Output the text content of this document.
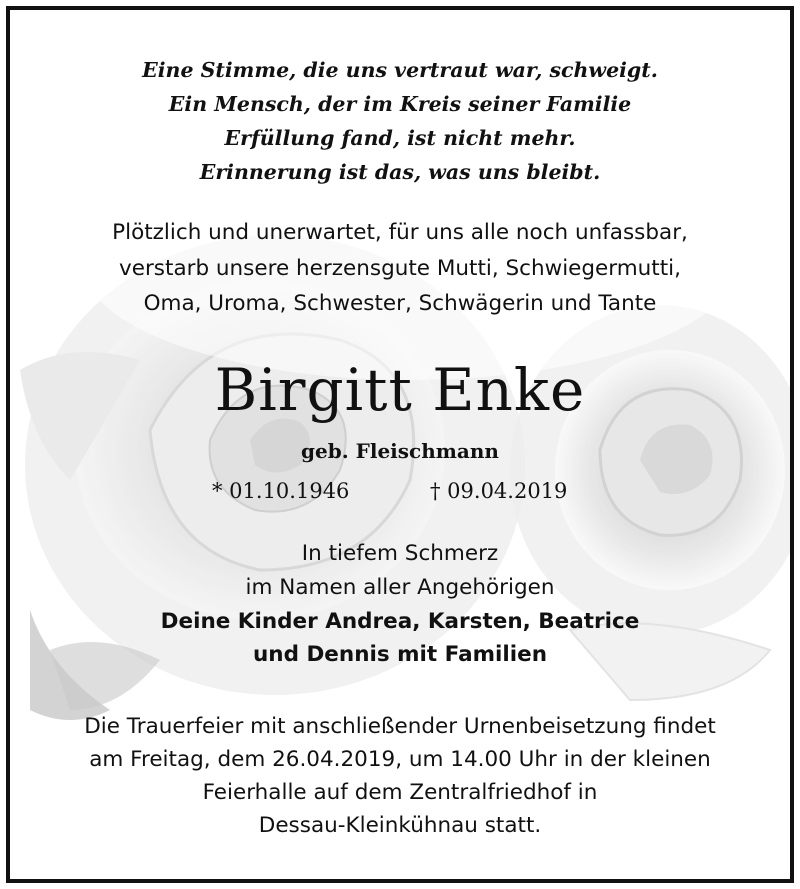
Eine Stimme, die uns vertraut war, schweigt.
Ein Mensch, der im Kreis seiner Familie
Erfüllung fand, ist nicht mehr.
Erinnerung ist das, was uns bleibt.
Plötzlich und unerwartet, für uns alle noch unfassbar,
verstarb unsere herzensgute Mutti, Schwiegermutti,
Oma, Uroma, Schwester, Schwägerin und Tante
Birgitt Enke
geb. Fleischmann
* 01.10.1946	† 09.04.2019
In tiefem Schmerz
im Namen aller Angehörigen
Deine Kinder Andrea, Karsten, Beatrice
und Dennis mit Familien
Die Trauerfeier mit anschließender Urnenbeisetzung findet
am Freitag, dem 26.04.2019, um 14.00 Uhr in der kleinen
Feierhalle auf dem Zentralfriedhof in
Dessau-Kleinkühnau statt.
